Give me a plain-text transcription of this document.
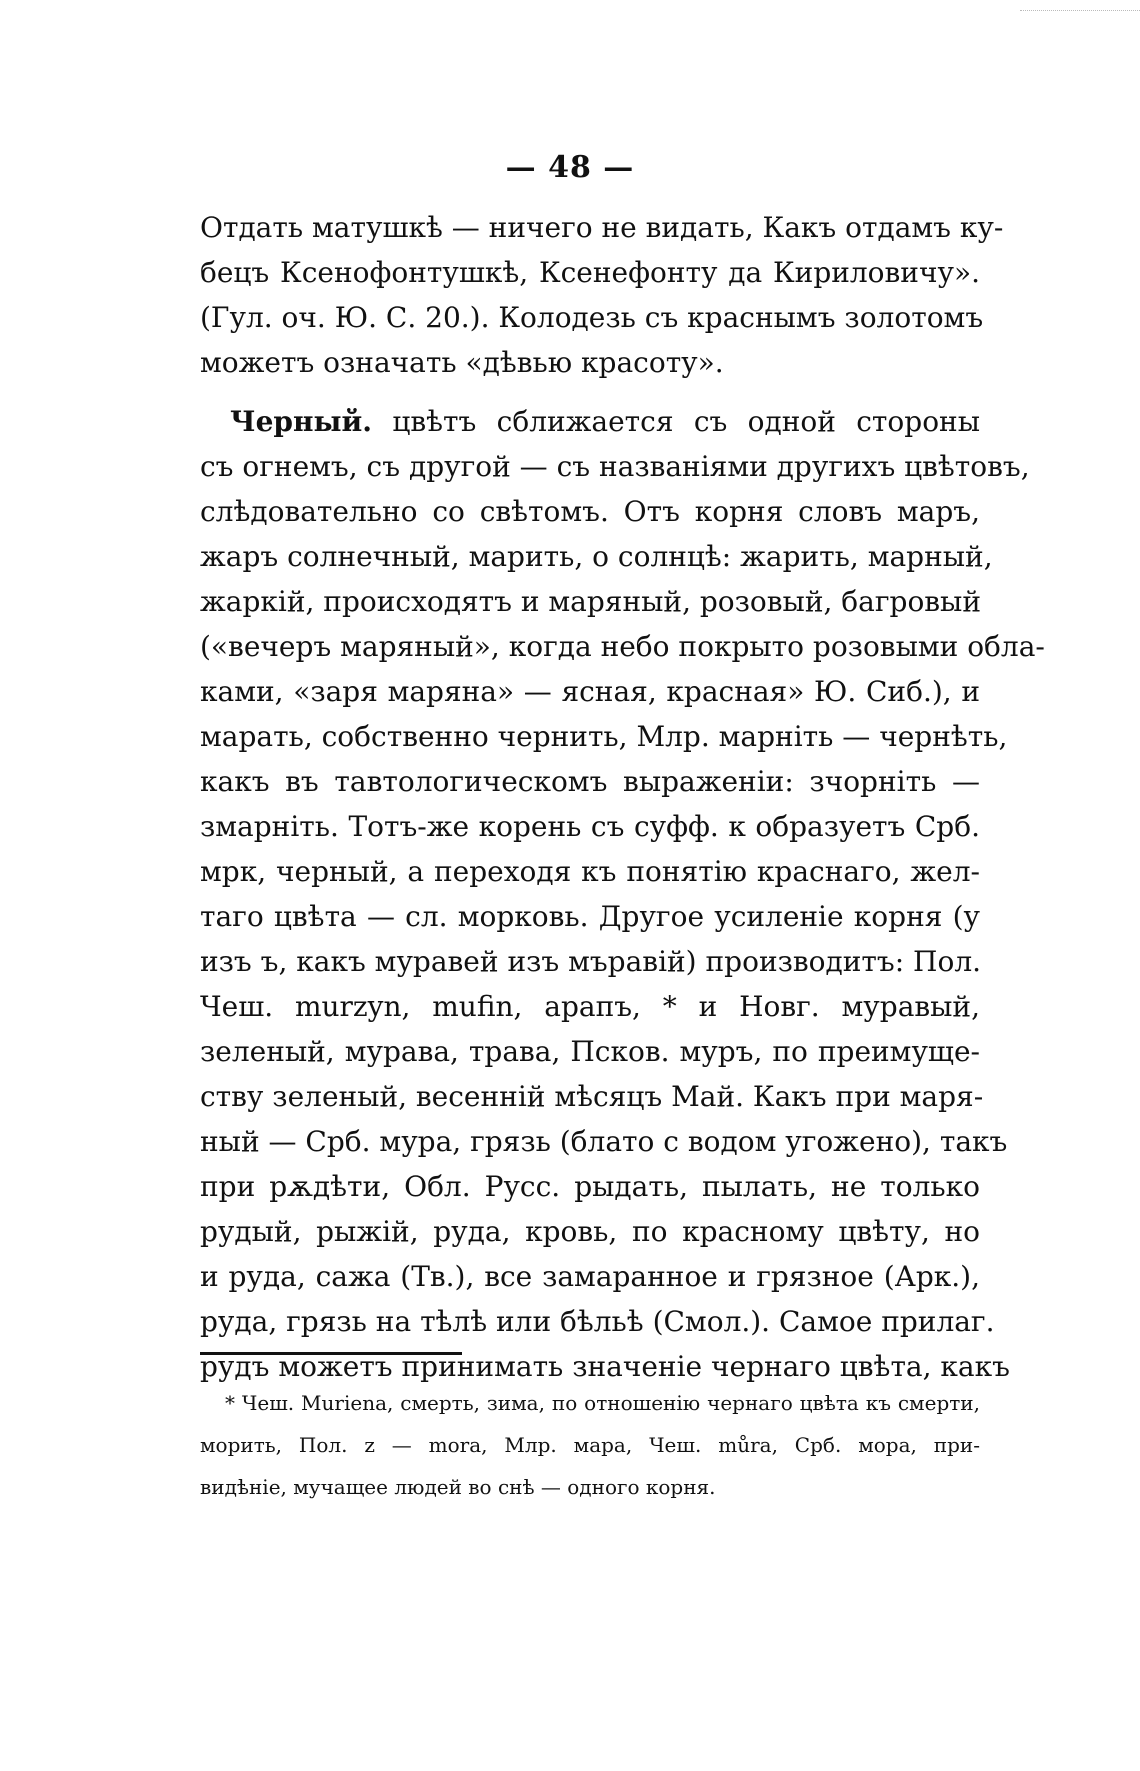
— 48 —
Отдать матушкѣ — ничего не видать, Какъ отдамъ ку-
бецъ Ксенофонтушкѣ, Ксенефонту да Кириловичу».
(Гул. оч. Ю. С. 20.). Колодезь съ краснымъ золотомъ
можетъ означать «дѣвью красоту».
Черный. цвѣтъ сближается съ одной стороны
съ огнемъ, съ другой — съ названіями другихъ цвѣтовъ,
слѣдовательно со свѣтомъ. Отъ корня словъ маръ,
жаръ солнечный, марить, о солнцѣ: жарить, марный,
жаркій, происходятъ и маряный, розовый, багровый
(«вечеръ маряный», когда небо покрыто розовыми обла-
ками, «заря маряна» — ясная, красная» Ю. Сиб.), и
марать, собственно чернить, Млр. марніть — чернѣть,
какъ въ тавтологическомъ выраженіи: зчорніть —
змарніть. Тотъ-же корень съ суфф. к образуетъ Срб.
мрк, черный, а переходя къ понятію краснаго, жел-
таго цвѣта — сл. морковь. Другое усиленіе корня (у
изъ ъ, какъ муравей изъ мъравій) производитъ: Пол.
Чеш. murzyn, mufin, арапъ, * и Новг. муравый,
зеленый, мурава, трава, Псков. муръ, по преимуще-
ству зеленый, весенній мѣсяцъ Май. Какъ при маря-
ный — Срб. мура, грязь (блато с водом угожено), такъ
при рѫдѣти, Обл. Русс. рыдать, пылать, не только
рудый, рыжій, руда, кровь, по красному цвѣту, но
и руда, сажа (Тв.), все замаранное и грязное (Арк.),
руда, грязь на тѣлѣ или бѣльѣ (Смол.). Самое прилаг.
рудъ можетъ принимать значеніе чернаго цвѣта, какъ
* Чеш. Muriena, смерть, зима, по отношенію чернаго цвѣта къ смерти,
морить, Пол. z — mora, Млр. мара, Чеш. můra, Срб. мора, при-
видѣніе, мучащее людей во снѣ — одного корня.
